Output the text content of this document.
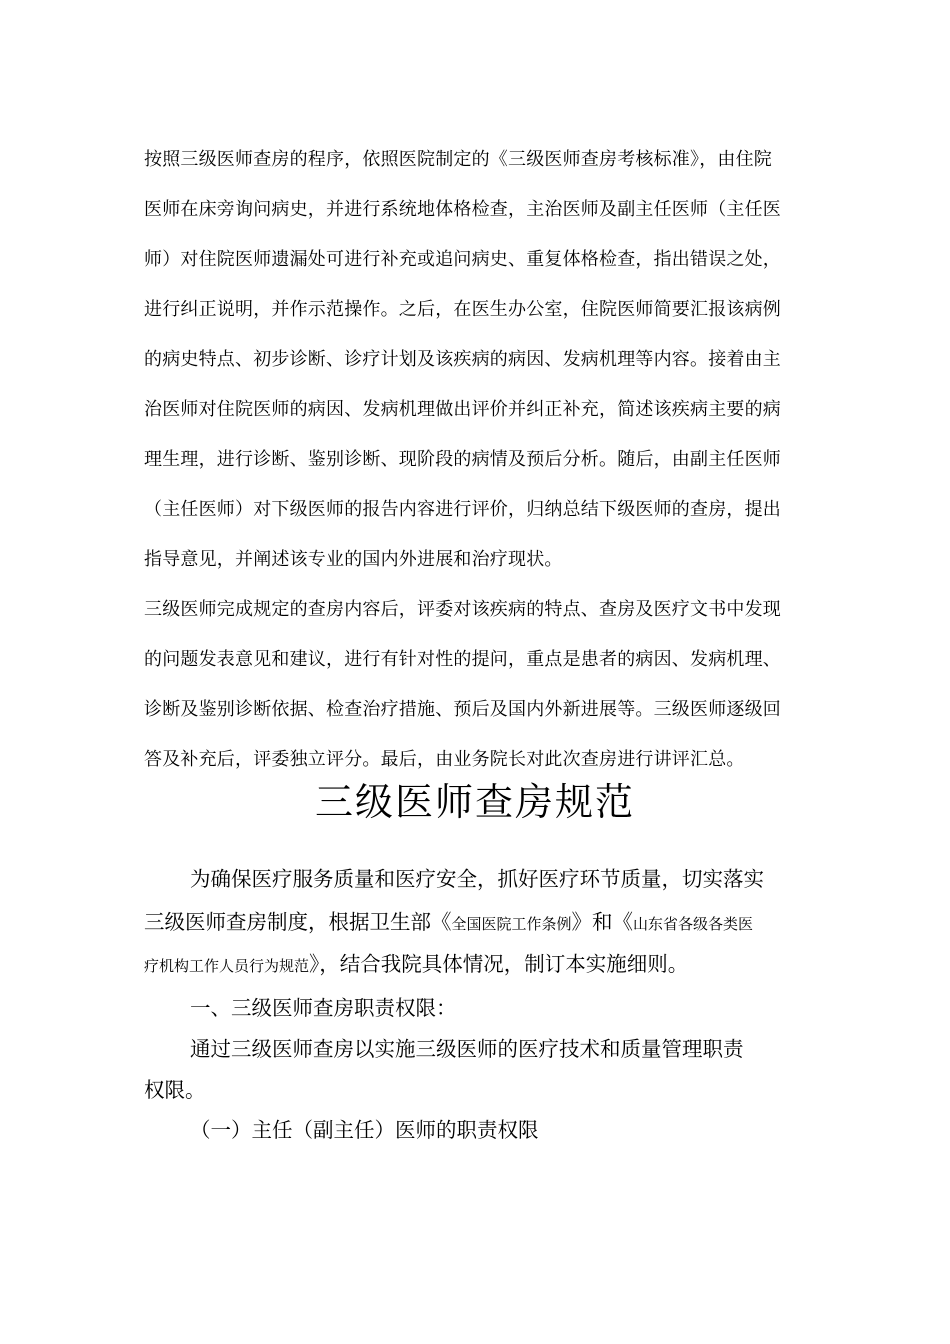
按照三级医师查房的程序，依照医院制定的《三级医师查房考核标准》，由住院
医师在床旁询问病史，并进行系统地体格检查，主治医师及副主任医师（主任医
师）对住院医师遗漏处可进行补充或追问病史、重复体格检查，指出错误之处，
进行纠正说明，并作示范操作。之后，在医生办公室，住院医师简要汇报该病例
的病史特点、初步诊断、诊疗计划及该疾病的病因、发病机理等内容。接着由主
治医师对住院医师的病因、发病机理做出评价并纠正补充，简述该疾病主要的病
理生理，进行诊断、鉴别诊断、现阶段的病情及预后分析。随后，由副主任医师
（主任医师）对下级医师的报告内容进行评价，归纳总结下级医师的查房，提出
指导意见，并阐述该专业的国内外进展和治疗现状。
三级医师完成规定的查房内容后，评委对该疾病的特点、查房及医疗文书中发现
的问题发表意见和建议，进行有针对性的提问，重点是患者的病因、发病机理、
诊断及鉴别诊断依据、检查治疗措施、预后及国内外新进展等。三级医师逐级回
答及补充后，评委独立评分。最后，由业务院长对此次查房进行讲评汇总。
三级医师查房规范
为确保医疗服务质量和医疗安全，抓好医疗环节质量，切实落实
三级医师查房制度，根据卫生部《全国医院工作条例》和《山东省各级各类医
疗机构工作人员行为规范》，结合我院具体情况，制订本实施细则。
一、三级医师查房职责权限：
通过三级医师查房以实施三级医师的医疗技术和质量管理职责
权限。
（一）主任（副主任）医师的职责权限
